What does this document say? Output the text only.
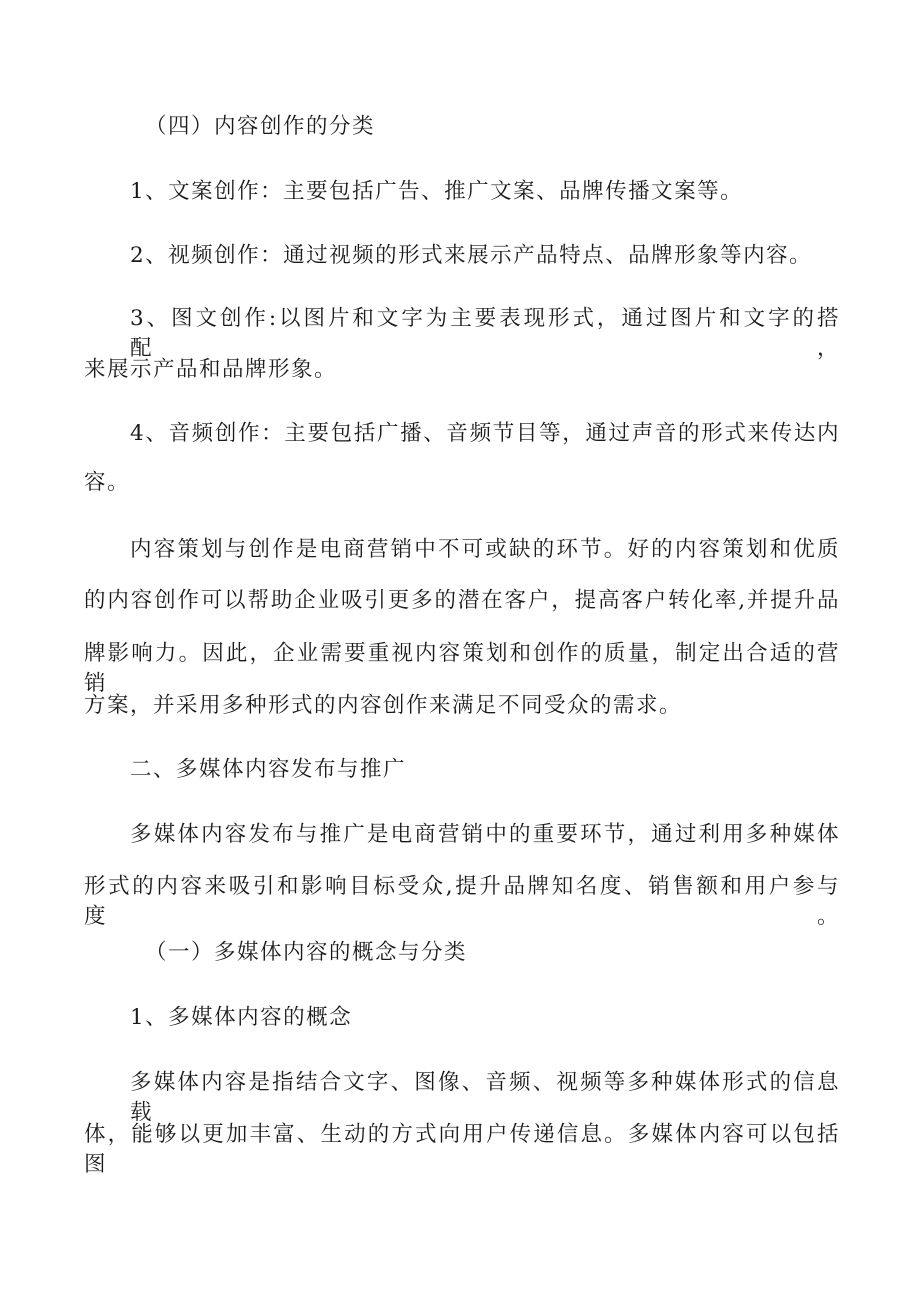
（四）内容创作的分类
1、文案创作：主要包括广告、推广文案、品牌传播文案等。
2、视频创作：通过视频的形式来展示产品特点、品牌形象等内容。
3、图文创作:以图片和文字为主要表现形式，通过图片和文字的搭配，
来展示产品和品牌形象。
4、音频创作：主要包括广播、音频节目等，通过声音的形式来传达内
容。
内容策划与创作是电商营销中不可或缺的环节。好的内容策划和优质
的内容创作可以帮助企业吸引更多的潜在客户，提高客户转化率,并提升品
牌影响力。因此，企业需要重视内容策划和创作的质量，制定出合适的营销
方案，并采用多种形式的内容创作来满足不同受众的需求。
二、多媒体内容发布与推广
多媒体内容发布与推广是电商营销中的重要环节，通过利用多种媒体
形式的内容来吸引和影响目标受众,提升品牌知名度、销售额和用户参与度。
（一）多媒体内容的概念与分类
1、多媒体内容的概念
多媒体内容是指结合文字、图像、音频、视频等多种媒体形式的信息载
体，能够以更加丰富、生动的方式向用户传递信息。多媒体内容可以包括图
